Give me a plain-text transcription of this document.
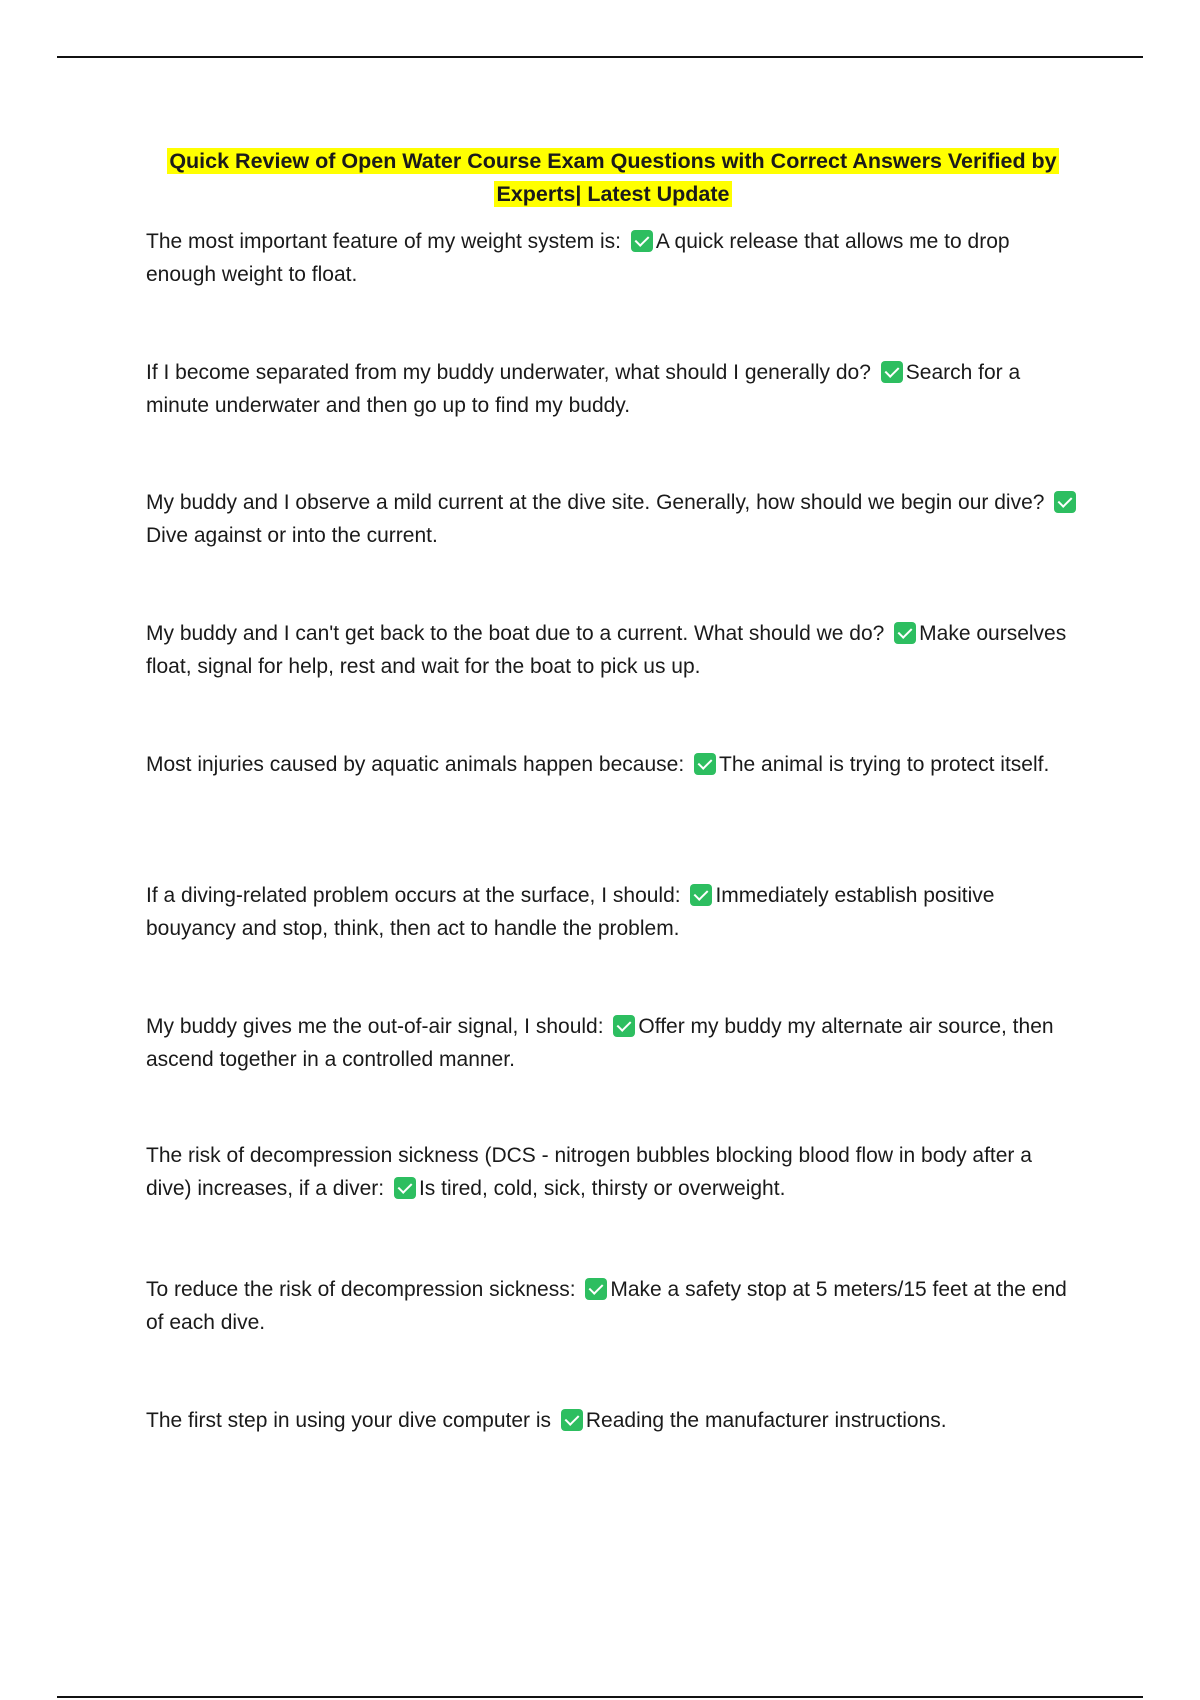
Quick Review of Open Water Course Exam Questions with Correct Answers Verified by
Experts| Latest Update

The most important feature of my weight system is: A quick release that allows me to drop enough weight to float.

If I become separated from my buddy underwater, what should I generally do? Search for a minute underwater and then go up to find my buddy.

My buddy and I observe a mild current at the dive site. Generally, how should we begin our dive? Dive against or into the current.

My buddy and I can't get back to the boat due to a current. What should we do? Make ourselves float, signal for help, rest and wait for the boat to pick us up.

Most injuries caused by aquatic animals happen because: The animal is trying to protect itself.

If a diving-related problem occurs at the surface, I should: Immediately establish positive bouyancy and stop, think, then act to handle the problem.

My buddy gives me the out-of-air signal, I should: Offer my buddy my alternate air source, then ascend together in a controlled manner.

The risk of decompression sickness (DCS - nitrogen bubbles blocking blood flow in body after a dive) increases, if a diver: Is tired, cold, sick, thirsty or overweight.

To reduce the risk of decompression sickness: Make a safety stop at 5 meters/15 feet at the end of each dive.

The first step in using your dive computer is Reading the manufacturer instructions.
